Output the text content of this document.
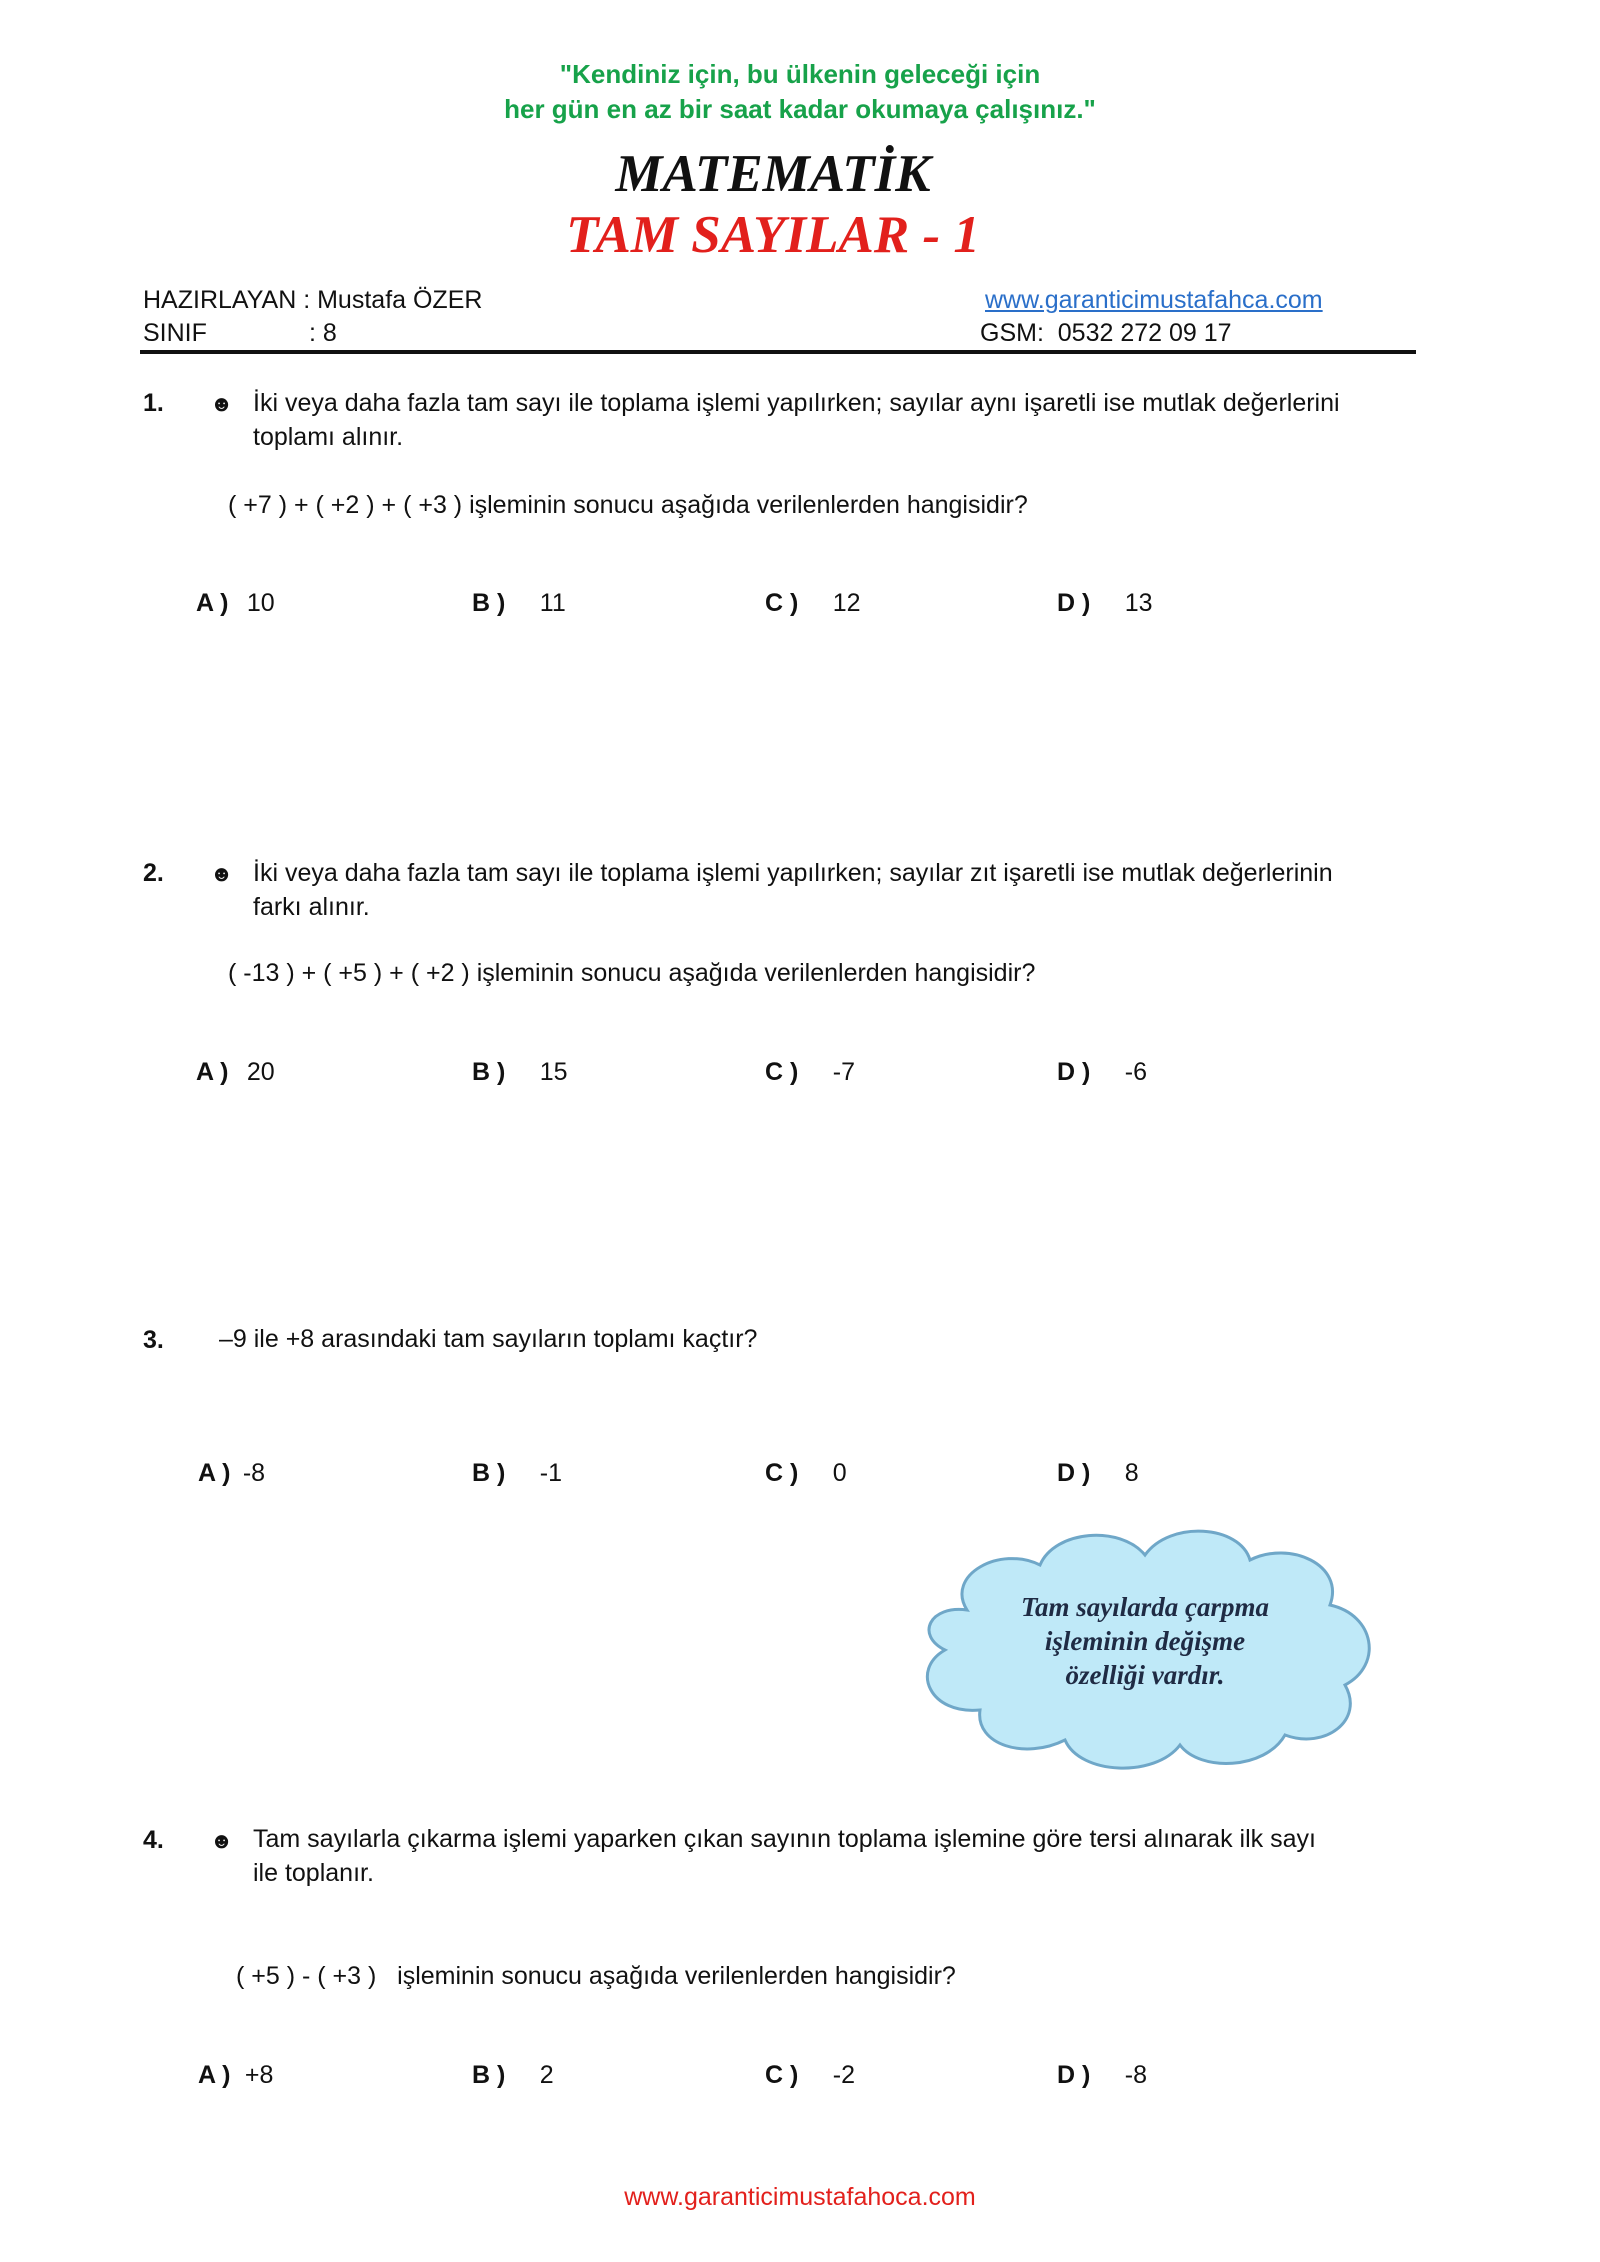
"Kendiniz için, bu ülkenin geleceği için
her gün en az bir saat kadar okumaya çalışınız."
MATEMATİK
TAM SAYILAR - 1
HAZIRLAYAN : Mustafa ÖZER	www.garanticimustafahca.com
SINIF	: 8	GSM:  0532 272 09 17
1. ☻ İki veya daha fazla tam sayı ile toplama işlemi yapılırken; sayılar aynı işaretli ise mutlak değerlerini
toplamı alınır.
( +7 ) + ( +2 ) + ( +3 ) işleminin sonucu aşağıda verilenlerden hangisidir?
A ) 10	B ) 11	C ) 12	D ) 13
2. ☻ İki veya daha fazla tam sayı ile toplama işlemi yapılırken; sayılar zıt işaretli ise mutlak değerlerinin
farkı alınır.
( -13 ) + ( +5 ) + ( +2 ) işleminin sonucu aşağıda verilenlerden hangisidir?
A ) 20	B ) 15	C ) -7	D ) -6
3. –9 ile +8 arasındaki tam sayıların toplamı kaçtır?
A ) -8	B ) -1	C ) 0	D ) 8
Tam sayılarda çarpma
işleminin değişme
özelliği vardır.
4. ☻ Tam sayılarla çıkarma işlemi yaparken çıkan sayının toplama işlemine göre tersi alınarak ilk sayı
ile toplanır.
( +5 ) - ( +3 )   işleminin sonucu aşağıda verilenlerden hangisidir?
A ) +8	B ) 2	C ) -2	D ) -8
www.garanticimustafahoca.com
